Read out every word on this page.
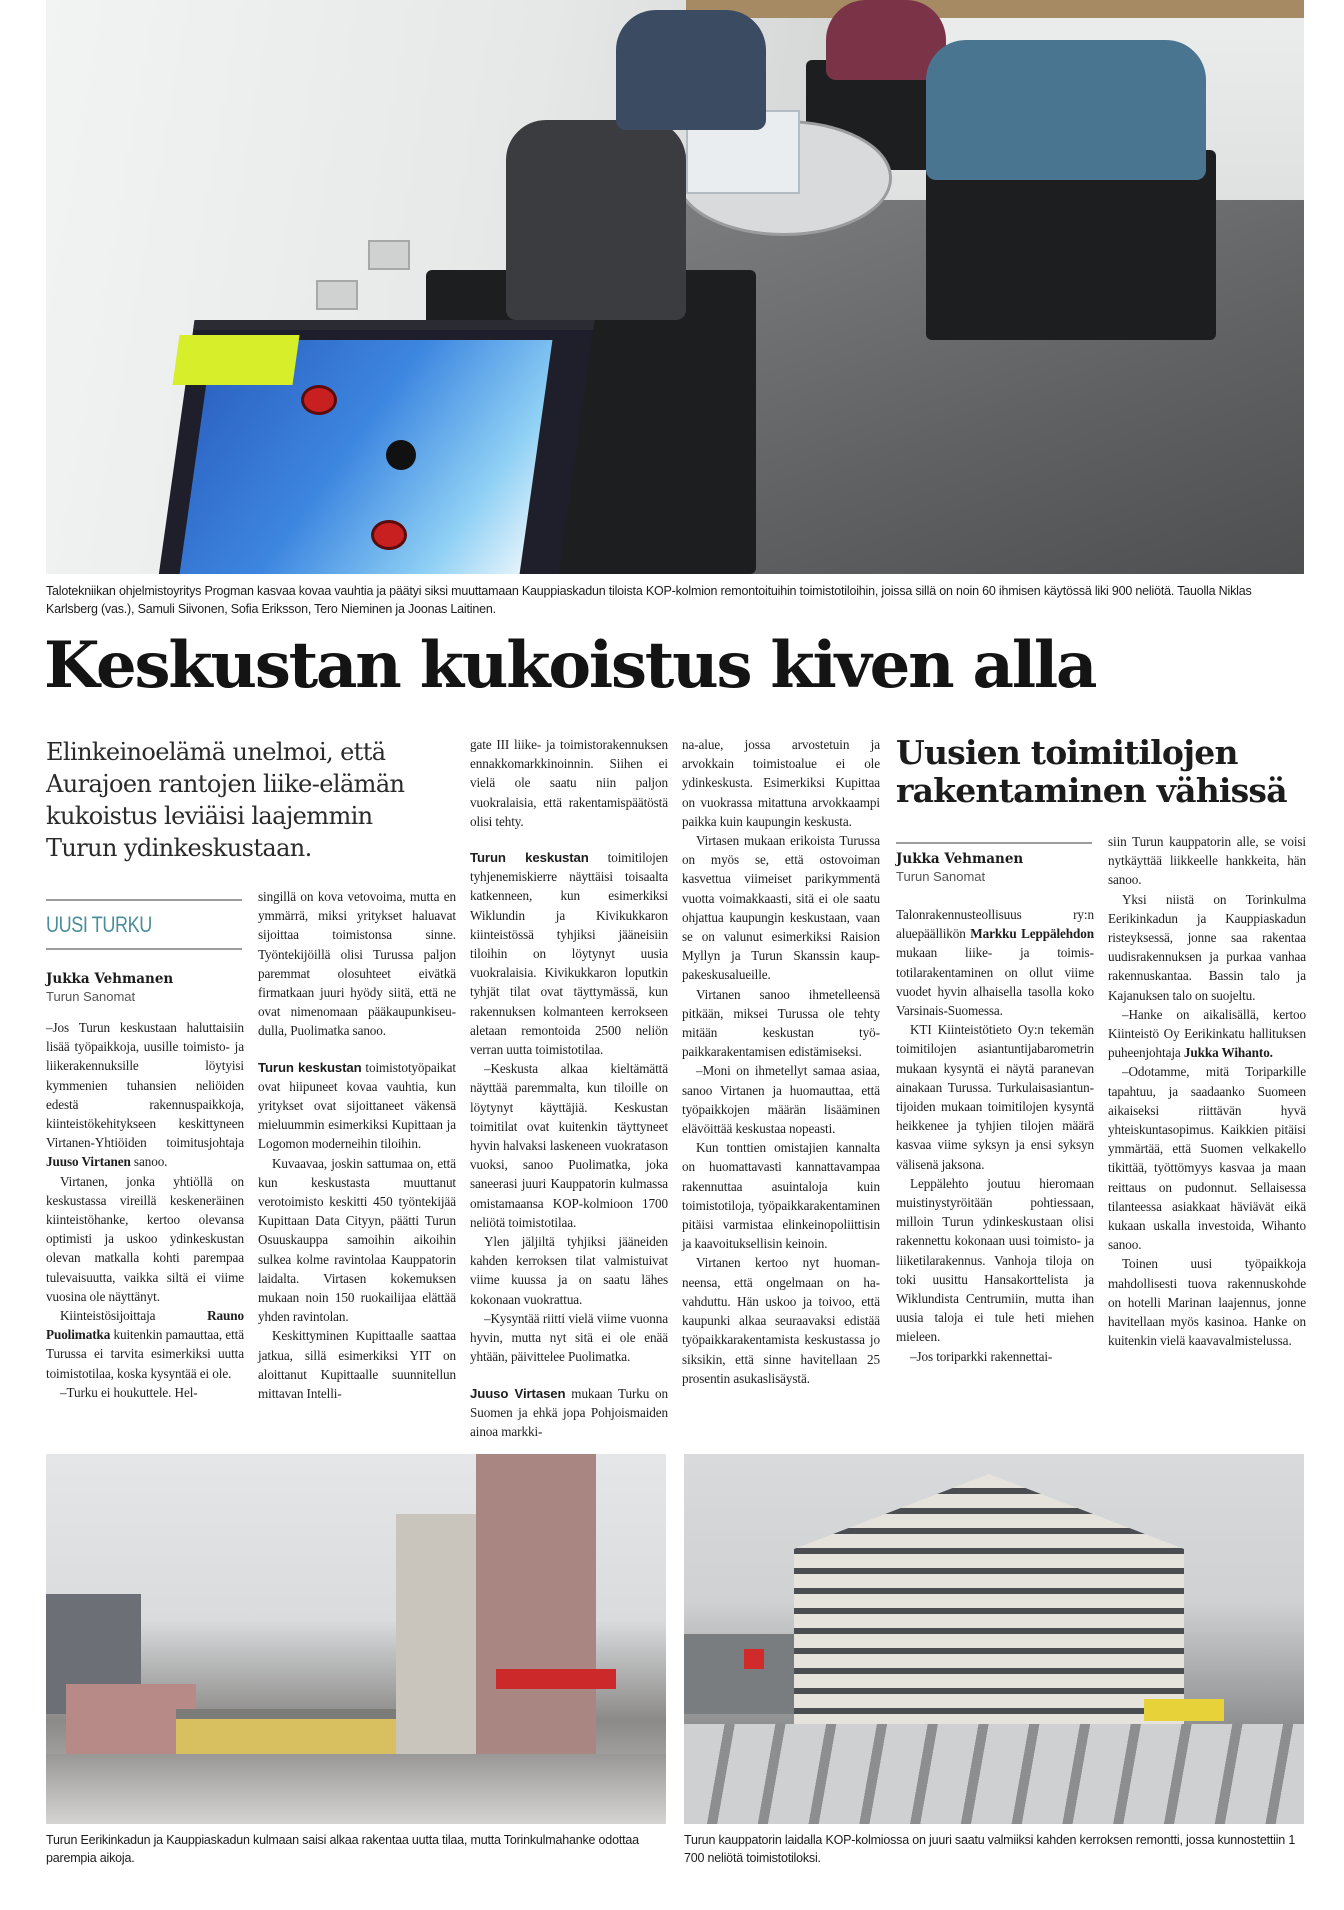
Talotekniikan ohjelmistoyritys Progman kasvaa kovaa vauhtia ja päätyi siksi muuttamaan Kauppiaskadun tiloista KOP-kolmion remontoituihin toimistotiloihin, joissa sillä on noin 60 ihmisen käytössä liki 900 neliötä. Tauolla Niklas Karlsberg (vas.), Samuli Siivonen, Sofia Eriksson, Tero Nieminen ja Joonas Laitinen.
Keskustan kukoistus kiven alla

Elinkeinoelämä unelmoi, että Aurajoen rantojen liike-elämän kukoistus leviäisi laajemmin Turun ydinkeskustaan.

UUSI TURKU
Jukka Vehmanen
Turun Sanomat

–Jos Turun keskustaan haluttaisiin lisää työpaikkoja, uusille toimisto- ja liikerakennuksille löytyisi kymmenien tuhansien neliöiden edestä rakennuspaikkoja, kiinteistökehitykseen keskittyneen Virtanen-Yhtiöiden toimitusjohtaja Juuso Virtanen sanoo.

Virtanen, jonka yhtiöllä on keskustassa vireillä keskeneräinen kiinteistöhanke, kertoo olevansa optimisti ja uskoo ydinkeskustan olevan matkalla kohti parempaa tulevaisuutta, vaikka siltä ei viime vuosina ole näyttänyt.

Kiinteistösijoittaja Rauno Puolimatka kuitenkin pamauttaa, että Turussa ei tarvita esimerkiksi uutta toimistotilaa, koska kysyntää ei ole.

–Turku ei houkuttele. Hel-

singillä on kova vetovoima, mutta en ymmärrä, miksi yritykset haluavat sijoittaa toimistonsa sinne. Työntekijöillä olisi Turussa paljon paremmat olosuhteet eivätkä firmatkaan juuri hyödy siitä, että ne ovat nimenomaan pääkaupunkiseudulla, Puolimatka sanoo.

Turun keskustan toimistotyöpaikat ovat hiipuneet kovaa vauhtia, kun yritykset ovat sijoittaneet väkensä mieluummin esimerkiksi Kupittaan ja Logomon moderneihin tiloihin.

Kuvaavaa, joskin sattumaa on, että kun keskustasta muuttanut verotoimisto keskitti 450 työntekijää Kupittaan Data Cityyn, päätti Turun Osuuskauppa samoihin aikoihin sulkea kolme ravintolaa Kauppatorin laidalta. Virtasen kokemuksen mukaan noin 150 ruokailijaa elättää yhden ravintolan.

Keskittyminen Kupittaalle saattaa jatkua, sillä esimerkiksi YIT on aloittanut Kupittaalle suunnitellun mittavan Intelli-

gate III liike- ja toimistorakennuksen ennakkomarkkinoinnin. Siihen ei vielä ole saatu niin paljon vuokralaisia, että rakentamispäätöstä olisi tehty.

Turun keskustan toimitilojen tyhjenemiskierre näyttäisi toisaalta katkenneen, kun esimerkiksi Wiklundin ja Kivikukkaron kiinteistössä tyhjiksi jääneisiin tiloihin on löytynyt uusia vuokralaisia. Kivikukkaron loputkin tyhjät tilat ovat täyttymässä, kun rakennuksen kolmanteen kerrokseen aletaan remontoida 2500 neliön verran uutta toimistotilaa.

–Keskusta alkaa kieltämättä näyttää paremmalta, kun tiloille on löytynyt käyttäjiä. Keskustan toimitilat ovat kuitenkin täyttyneet hyvin halvaksi laskeneen vuokratason vuoksi, sanoo Puolimatka, joka saneerasi juuri Kauppatorin kulmassa omistamaansa KOP-kolmioon 1700 neliötä toimistotilaa.

Ylen jäljiltä tyhjiksi jääneiden kahden kerroksen tilat valmistuivat viime kuussa ja on saatu lähes kokonaan vuokrattua.

–Kysyntää riitti vielä viime vuonna hyvin, mutta nyt sitä ei ole enää yhtään, päivittelee Puolimatka.

Juuso Virtasen mukaan Turku on Suomen ja ehkä jopa Pohjoismaiden ainoa markki-

na-alue, jossa arvostetuin ja arvokkain toimistoalue ei ole ydinkeskusta. Esimerkiksi Kupittaa on vuokrassa mitattuna arvokkaampi paikka kuin kaupungin keskusta.

Virtasen mukaan erikoista Turussa on myös se, että ostovoiman kasvettua viimeiset parikymmentä vuotta voimakkaasti, sitä ei ole saatu ohjattua kaupungin keskustaan, vaan se on valunut esimerkiksi Raision Myllyn ja Turun Skanssin kauppakeskusalueille.

Virtanen sanoo ihmetelleensä pitkään, miksei Turussa ole tehty mitään keskustan työpaikkarakentamisen edistämiseksi.

–Moni on ihmetellyt samaa asiaa, sanoo Virtanen ja huomauttaa, että työpaikkojen määrän lisääminen elävöittää keskustaa nopeasti.

Kun tonttien omistajien kannalta on huomattavasti kannattavampaa rakennuttaa asuintaloja kuin toimistotiloja, työpaikkarakentaminen pitäisi varmistaa elinkeinopoliittisin ja kaavoituksellisin keinoin.

Virtanen kertoo nyt huomanneensa, että ongelmaan on havahduttu. Hän uskoo ja toivoo, että kaupunki alkaa seuraavaksi edistää työpaikkarakentamista keskustassa jo siksikin, että sinne havitellaan 25 prosentin asukaslisäystä.

Uusien toimitilojen rakentaminen vähissä
Jukka Vehmanen
Turun Sanomat

Talonrakennusteollisuus ry:n aluepäällikön Markku Leppälehdon mukaan liike- ja toimistotilarakentaminen on ollut viime vuodet hyvin alhaisella tasolla koko Varsinais-Suomessa.

KTI Kiinteistötieto Oy:n tekemän toimitilojen asiantuntijabarometrin mukaan kysyntä ei näytä paranevan ainakaan Turussa. Turkulaisasiantuntijoiden mukaan toimitilojen kysyntä heikkenee ja tyhjien tilojen määrä kasvaa viime syksyn ja ensi syksyn välisenä jaksona.

Leppälehto joutuu hieromaan muistinystyröitään pohtiessaan, milloin Turun ydinkeskustaan olisi rakennettu kokonaan uusi toimisto- ja liiketilarakennus. Vanhoja tiloja on toki uusittu Hansakorttelista ja Wiklundista Centrumiin, mutta ihan uusia taloja ei tule heti miehen mieleen.

–Jos toriparkki rakennettai-

siin Turun kauppatorin alle, se voisi nytkäyttää liikkeelle hankkeita, hän sanoo.

Yksi niistä on Torinkulma Eerikinkadun ja Kauppiaskadun risteyksessä, jonne saa rakentaa uudisrakennuksen ja purkaa vanhaa rakennuskantaa. Bassin talo ja Kajanuksen talo on suojeltu.

–Hanke on aikalisällä, kertoo Kiinteistö Oy Eerikinkatu hallituksen puheenjohtaja Jukka Wihanto.

–Odotamme, mitä Toriparkille tapahtuu, ja saadaanko Suomeen aikaiseksi riittävän hyvä yhteiskuntasopimus. Kaikkien pitäisi ymmärtää, että Suomen velkakello tikittää, työttömyys kasvaa ja maan reittaus on pudonnut. Sellaisessa tilanteessa asiakkaat häviävät eikä kukaan uskalla investoida, Wihanto sanoo.

Toinen uusi työpaikkoja mahdollisesti tuova rakennuskohde on hotelli Marinan laajennus, jonne havitellaan myös kasinoa. Hanke on kuitenkin vielä kaavavalmistelussa.

Turun Eerikinkadun ja Kauppiaskadun kulmaan saisi alkaa rakentaa uutta tilaa, mutta Torinkulmahanke odottaa parempia aikoja.
Turun kauppatorin laidalla KOP-kolmiossa on juuri saatu valmiiksi kahden kerroksen remontti, jossa kunnostettiin 1 700 neliötä toimistotiloksi.
